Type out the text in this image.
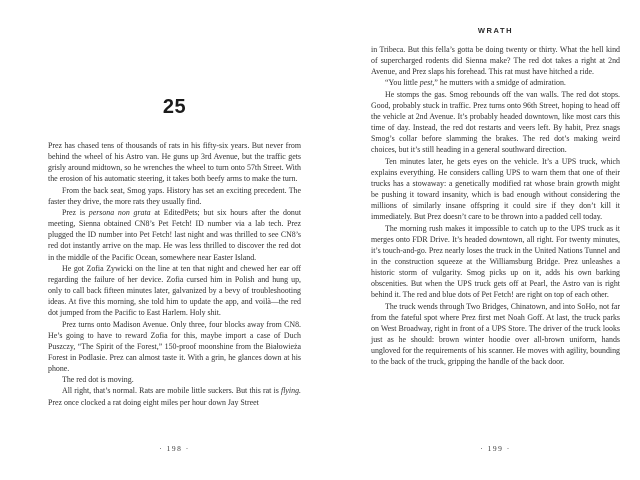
25

Prez has chased tens of thousands of rats in his fifty-six years. But never from behind the wheel of his Astro van. He guns up 3rd Avenue, but the traffic gets grisly around midtown, so he wrenches the wheel to turn onto 57th Street. With the erosion of his automatic steering, it takes both beefy arms to make the turn.

From the back seat, Smog yaps. History has set an exciting precedent. The faster they drive, the more rats they usually find.

Prez is persona non grata at EditedPets; but six hours after the donut meeting, Sienna obtained CN8’s Pet Fetch! ID number via a lab tech. Prez plugged the ID number into Pet Fetch! last night and was thrilled to see CN8’s red dot instantly arrive on the map. He was less thrilled to discover the red dot in the middle of the Pacific Ocean, somewhere near Easter Island.

He got Zofia Zywicki on the line at ten that night and chewed her ear off regarding the failure of her device. Zofia cursed him in Polish and hung up, only to call back fifteen minutes later, galvanized by a bevy of troubleshooting ideas. At five this morning, she told him to update the app, and voilà—the red dot jumped from the Pacific to East Harlem. Holy shit.

Prez turns onto Madison Avenue. Only three, four blocks away from CN8. He’s going to have to reward Zofia for this, maybe import a case of Duch Puszczy, “The Spirit of the Forest,” 150-proof moonshine from the Białowieża Forest in Podlasie. Prez can almost taste it. With a grin, he glances down at his phone.

The red dot is moving.

All right, that’s normal. Rats are mobile little suckers. But this rat is flying. Prez once clocked a rat doing eight miles per hour down Jay Street

· 198 ·
WRATH

in Tribeca. But this fella’s gotta be doing twenty or thirty. What the hell kind of supercharged rodents did Sienna make? The red dot takes a right at 2nd Avenue, and Prez slaps his forehead. This rat must have hitched a ride.

“You little pest,” he mutters with a smidge of admiration.

He stomps the gas. Smog rebounds off the van walls. The red dot stops. Good, probably stuck in traffic. Prez turns onto 96th Street, hoping to head off the vehicle at 2nd Avenue. It’s probably headed downtown, like most cars this time of day. Instead, the red dot restarts and veers left. By habit, Prez snags Smog’s collar before slamming the brakes. The red dot’s making weird choices, but it’s still heading in a general southward direction.

Ten minutes later, he gets eyes on the vehicle. It’s a UPS truck, which explains everything. He considers calling UPS to warn them that one of their trucks has a stowaway: a genetically modified rat whose brain growth might be pushing it toward insanity, which is bad enough without considering the millions of similarly insane offspring it could sire if they don’t kill it immediately. But Prez doesn’t care to be thrown into a padded cell today.

The morning rush makes it impossible to catch up to the UPS truck as it merges onto FDR Drive. It’s headed downtown, all right. For twenty minutes, it’s touch-and-go. Prez nearly loses the truck in the United Nations Tunnel and in the construction squeeze at the Williamsburg Bridge. Prez unleashes a historic storm of vulgarity. Smog picks up on it, adds his own barking obscenities. But when the UPS truck gets off at Pearl, the Astro van is right behind it. The red and blue dots of Pet Fetch! are right on top of each other.

The truck wends through Two Bridges, Chinatown, and into SoHo, not far from the fateful spot where Prez first met Noah Goff. At last, the truck parks on West Broadway, right in front of a UPS Store. The driver of the truck looks just as he should: brown winter hoodie over all-brown uniform, hands ungloved for the requirements of his scanner. He moves with agility, bounding to the back of the truck, gripping the handle of the back door.

· 199 ·
